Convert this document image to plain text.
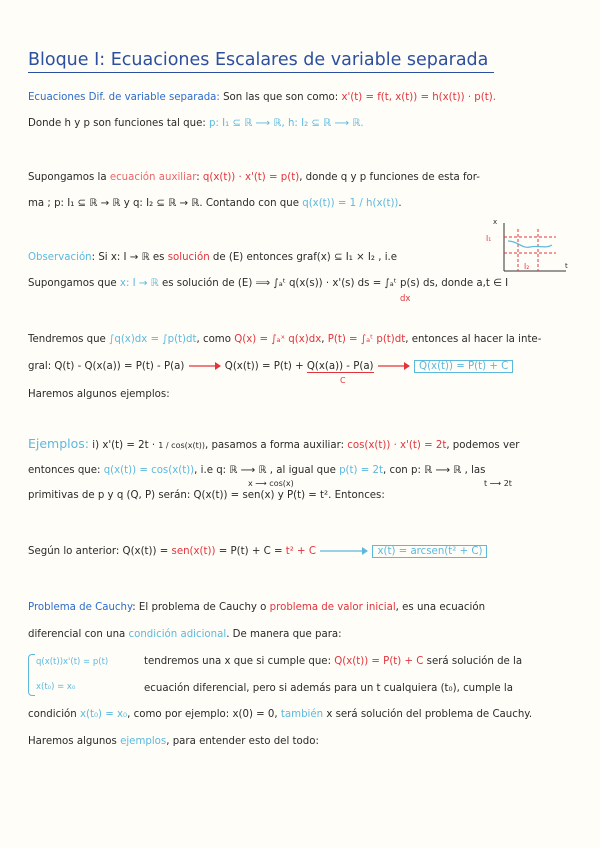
Bloque I: Ecuaciones Escalares de variable separada
Ecuaciones Dif. de variable separada: Son las que son como: x'(t) = f(t, x(t)) = h(x(t)) · p(t).
Donde h y p son funciones tal que: p: I₁ ⊆ ℝ ⟶ ℝ, h: I₂ ⊆ ℝ ⟶ ℝ.
Supongamos la ecuación auxiliar: q(x(t)) · x'(t) = p(t), donde q y p funciones de esta for-
ma ; p: I₁ ⊆ ℝ → ℝ y q: I₂ ⊆ ℝ → ℝ. Contando con que q(x(t)) = 1 / h(x(t)).
Observación: Si x: I → ℝ es solución de (E) entonces graf(x) ⊆ I₁ × I₂ , i.e
Supongamos que x: I → ℝ es solución de (E) ⟹ ∫ₐᵗ q(x(s)) · x'(s) ds = ∫ₐᵗ p(s) ds, donde a,t ∈ I
dx
x
t
I₁
I₂
Tendremos que ∫q(x)dx = ∫p(t)dt, como Q(x) = ∫ₐˣ q(x)dx, P(t) = ∫ₐᵗ p(t)dt, entonces al hacer la inte-
gral: Q(t) - Q(x(a)) = P(t) - P(a)	Q(x(t)) = P(t) + Q(x(a)) - P(a)	Q(x(t)) = P(t) + C
C
Haremos algunos ejemplos:
Ejemplos: i) x'(t) = 2t · 1 / cos(x(t)), pasamos a forma auxiliar: cos(x(t)) · x'(t) = 2t, podemos ver
entonces que: q(x(t)) = cos(x(t)), i.e q: ℝ ⟶ ℝ , al igual que p(t) = 2t, con p: ℝ ⟶ ℝ , las
x ⟶ cos(x)	t ⟶ 2t
primitivas de p y q (Q, P) serán: Q(x(t)) = sen(x) y P(t) = t². Entonces:
Según lo anterior: Q(x(t)) = sen(x(t)) = P(t) + C = t² + C	x(t) = arcsen(t² + C)
Problema de Cauchy: El problema de Cauchy o problema de valor inicial, es una ecuación
diferencial con una condición adicional. De manera que para:
q(x(t))x'(t) = p(t)
x(t₀) = x₀
tendremos una x que si cumple que: Q(x(t)) = P(t) + C será solución de la
ecuación diferencial, pero si además para un t cualquiera (t₀), cumple la
condición x(t₀) = x₀, como por ejemplo: x(0) = 0, también x será solución del problema de Cauchy.
Haremos algunos ejemplos, para entender esto del todo:
